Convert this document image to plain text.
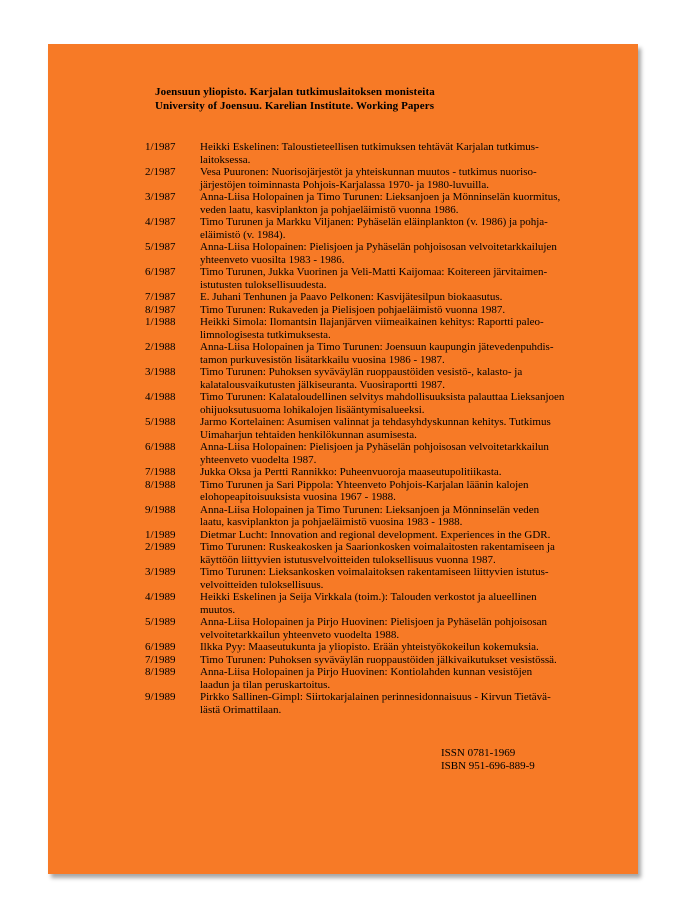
Joensuun yliopisto. Karjalan tutkimuslaitoksen monisteita
University of Joensuu. Karelian Institute. Working Papers
1/1987	Heikki Eskelinen: Taloustieteellisen tutkimuksen tehtävät Karjalan tutkimus-
laitoksessa.
2/1987	Vesa Puuronen: Nuorisojärjestöt ja yhteiskunnan muutos - tutkimus nuoriso-
järjestöjen toiminnasta Pohjois-Karjalassa 1970- ja 1980-luvuilla.
3/1987	Anna-Liisa Holopainen ja Timo Turunen: Lieksanjoen ja Mönninselän kuormitus,
veden laatu, kasviplankton ja pohjaeläimistö vuonna 1986.
4/1987	Timo Turunen ja Markku Viljanen: Pyhäselän eläinplankton (v. 1986) ja pohja-
eläimistö (v. 1984).
5/1987	Anna-Liisa Holopainen: Pielisjoen ja Pyhäselän pohjoisosan velvoitetarkkailujen
yhteenveto vuosilta 1983 - 1986.
6/1987	Timo Turunen, Jukka Vuorinen ja Veli-Matti Kaijomaa: Koitereen järvitaimen-
istutusten tuloksellisuudesta.
7/1987	E. Juhani Tenhunen ja Paavo Pelkonen: Kasvijätesilpun biokaasutus.
8/1987	Timo Turunen: Rukaveden ja Pielisjoen pohjaeläimistö vuonna 1987.
1/1988	Heikki Simola: Ilomantsin Ilajanjärven viimeaikainen kehitys: Raportti paleo-
limnologisesta tutkimuksesta.
2/1988	Anna-Liisa Holopainen ja Timo Turunen: Joensuun kaupungin jätevedenpuhdis-
tamon purkuvesistön lisätarkkailu vuosina 1986 - 1987.
3/1988	Timo Turunen: Puhoksen syväväylän ruoppaustöiden vesistö-, kalasto- ja
kalatalousvaikutusten jälkiseuranta. Vuosiraportti 1987.
4/1988	Timo Turunen: Kalataloudellinen selvitys mahdollisuuksista palauttaa Lieksanjoen
ohijuoksutusuoma lohikalojen lisääntymisalueeksi.
5/1988	Jarmo Kortelainen: Asumisen valinnat ja tehdasyhdyskunnan kehitys. Tutkimus
Uimaharjun tehtaiden henkilökunnan asumisesta.
6/1988	Anna-Liisa Holopainen: Pielisjoen ja Pyhäselän pohjoisosan velvoitetarkkailun
yhteenveto vuodelta 1987.
7/1988	Jukka Oksa ja Pertti Rannikko: Puheenvuoroja maaseutupolitiikasta.
8/1988	Timo Turunen ja Sari Pippola: Yhteenveto Pohjois-Karjalan läänin kalojen
elohopeapitoisuuksista vuosina 1967 - 1988.
9/1988	Anna-Liisa Holopainen ja Timo Turunen: Lieksanjoen ja Mönninselän veden
laatu, kasviplankton ja pohjaeläimistö vuosina 1983 - 1988.
1/1989	Dietmar Lucht: Innovation and regional development. Experiences in the GDR.
2/1989	Timo Turunen: Ruskeakosken ja Saarionkosken voimalaitosten rakentamiseen ja
käyttöön liittyvien istutusvelvoitteiden tuloksellisuus vuonna 1987.
3/1989	Timo Turunen: Lieksankosken voimalaitoksen rakentamiseen liittyvien istutus-
velvoitteiden tuloksellisuus.
4/1989	Heikki Eskelinen ja Seija Virkkala (toim.): Talouden verkostot ja alueellinen
muutos.
5/1989	Anna-Liisa Holopainen ja Pirjo Huovinen: Pielisjoen ja Pyhäselän pohjoisosan
velvoitetarkkailun yhteenveto vuodelta 1988.
6/1989	Ilkka Pyy: Maaseutukunta ja yliopisto. Erään yhteistyökokeilun kokemuksia.
7/1989	Timo Turunen: Puhoksen syväväylän ruoppaustöiden jälkivaikutukset vesistössä.
8/1989	Anna-Liisa Holopainen ja Pirjo Huovinen: Kontiolahden kunnan vesistöjen
laadun ja tilan peruskartoitus.
9/1989	Pirkko Sallinen-Gimpl: Siirtokarjalainen perinnesidonnaisuus - Kirvun Tietävä-
lästä Orimattilaan.
ISSN 0781-1969
ISBN 951-696-889-9
